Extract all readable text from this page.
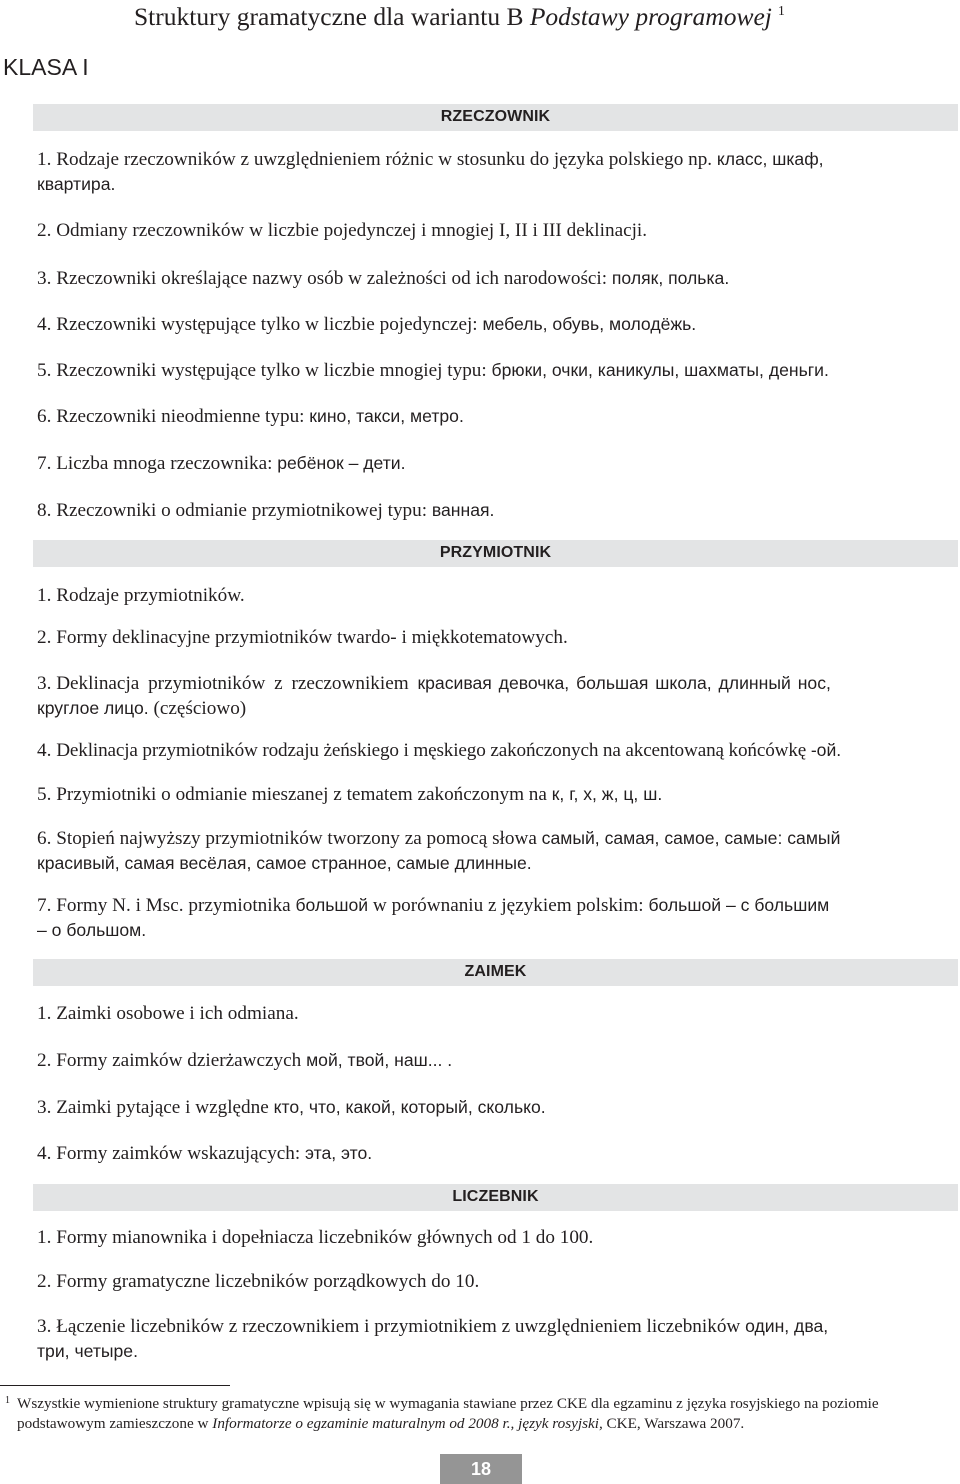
Struktury gramatyczne dla wariantu B Podstawy programowej $^1$
KLASA I
RZECZOWNIK
1. Rodzaje rzeczowników z uwzględnieniem różnic w stosunku do języka polskiego np. класс, шкаф,
квартира.
2. Odmiany rzeczowników w liczbie pojedynczej i mnogiej I, II i III deklinacji.
3. Rzeczowniki określające nazwy osób w zależności od ich narodowości: поляк, полька.
4. Rzeczowniki występujące tylko w liczbie pojedynczej: мебель, обувь, молодёжь.
5. Rzeczowniki występujące tylko w liczbie mnogiej typu: брюки, очки, каникулы, шахматы, деньги.
6. Rzeczowniki nieodmienne typu: кино, такси, метро.
7. Liczba mnoga rzeczownika: ребёнок – дети.
8. Rzeczowniki o odmianie przymiotnikowej typu: ванная.
PRZYMIOTNIK
1. Rodzaje przymiotników.
2. Formy deklinacyjne przymiotników twardo- i miękkotematowych.
3. Deklinacja przymiotników z rzeczownikiem красивая девочка, большая школа, длинный нос,
круглое лицо. (częściowo)
4. Deklinacja przymiotników rodzaju żeńskiego i męskiego zakończonych na akcentowaną końcówkę -ой.
5. Przymiotniki o odmianie mieszanej z tematem zakończonym na к, г, х, ж, ц, ш.
6. Stopień najwyższy przymiotników tworzony za pomocą słowa самый, самая, самое, самые: самый
красивый, самая весёлая, самое странное, самые длинные.
7. Formy N. i Msc. przymiotnika большой w porównaniu z językiem polskim: большой – с большим
– о большом.
ZAIMEK
1. Zaimki osobowe i ich odmiana.
2. Formy zaimków dzierżawczych мой, твой, наш... .
3. Zaimki pytające i względne кто, что, какой, который, сколько.
4. Formy zaimków wskazujących: эта, это.
LICZEBNIK
1. Formy mianownika i dopełniacza liczebników głównych od 1 do 100.
2. Formy gramatyczne liczebników porządkowych do 10.
3. Łączenie liczebników z rzeczownikiem i przymiotnikiem z uwzględnieniem liczebników один, два,
три, четыре.
1 Wszystkie wymienione struktury gramatyczne wpisują się w wymagania stawiane przez CKE dla egzaminu z języka rosyjskiego na poziomie podstawowym zamieszczone w Informatorze o egzaminie maturalnym od 2008 r., język rosyjski, CKE, Warszawa 2007.
18
